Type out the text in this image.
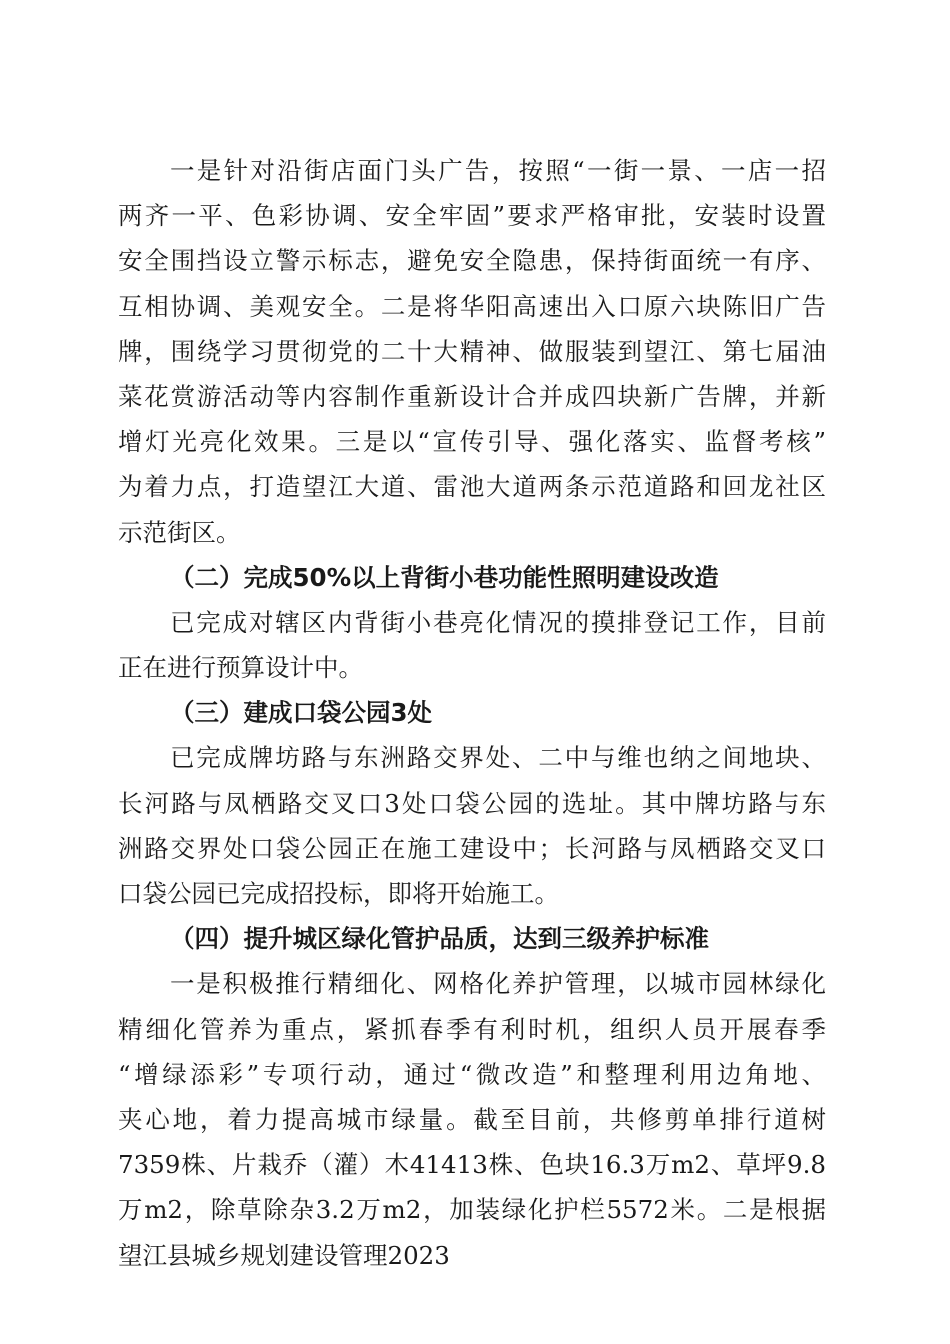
一是针对沿街店面门头广告，按照“一街一景、一店一招
两齐一平、色彩协调、安全牢固”要求严格审批，安装时设置
安全围挡设立警示标志，避免安全隐患，保持街面统一有序、
互相协调、美观安全。二是将华阳高速出入口原六块陈旧广告
牌，围绕学习贯彻党的二十大精神、做服装到望江、第七届油
菜花赏游活动等内容制作重新设计合并成四块新广告牌，并新
增灯光亮化效果。三是以“宣传引导、强化落实、监督考核”
为着力点，打造望江大道、雷池大道两条示范道路和回龙社区
示范街区。
（二）完成50%以上背街小巷功能性照明建设改造
已完成对辖区内背街小巷亮化情况的摸排登记工作，目前
正在进行预算设计中。
（三）建成口袋公园3处
已完成牌坊路与东洲路交界处、二中与维也纳之间地块、
长河路与凤栖路交叉口3处口袋公园的选址。其中牌坊路与东
洲路交界处口袋公园正在施工建设中；长河路与凤栖路交叉口
口袋公园已完成招投标，即将开始施工。
（四）提升城区绿化管护品质，达到三级养护标准
一是积极推行精细化、网格化养护管理，以城市园林绿化
精细化管养为重点，紧抓春季有利时机，组织人员开展春季
“增绿添彩”专项行动，通过“微改造”和整理利用边角地、
夹心地，着力提高城市绿量。截至目前，共修剪单排行道树
7359株、片栽乔（灌）木41413株、色块16.3万m2、草坪9.8
万m2，除草除杂3.2万m2，加装绿化护栏5572米。二是根据
望江县城乡规划建设管理2023
